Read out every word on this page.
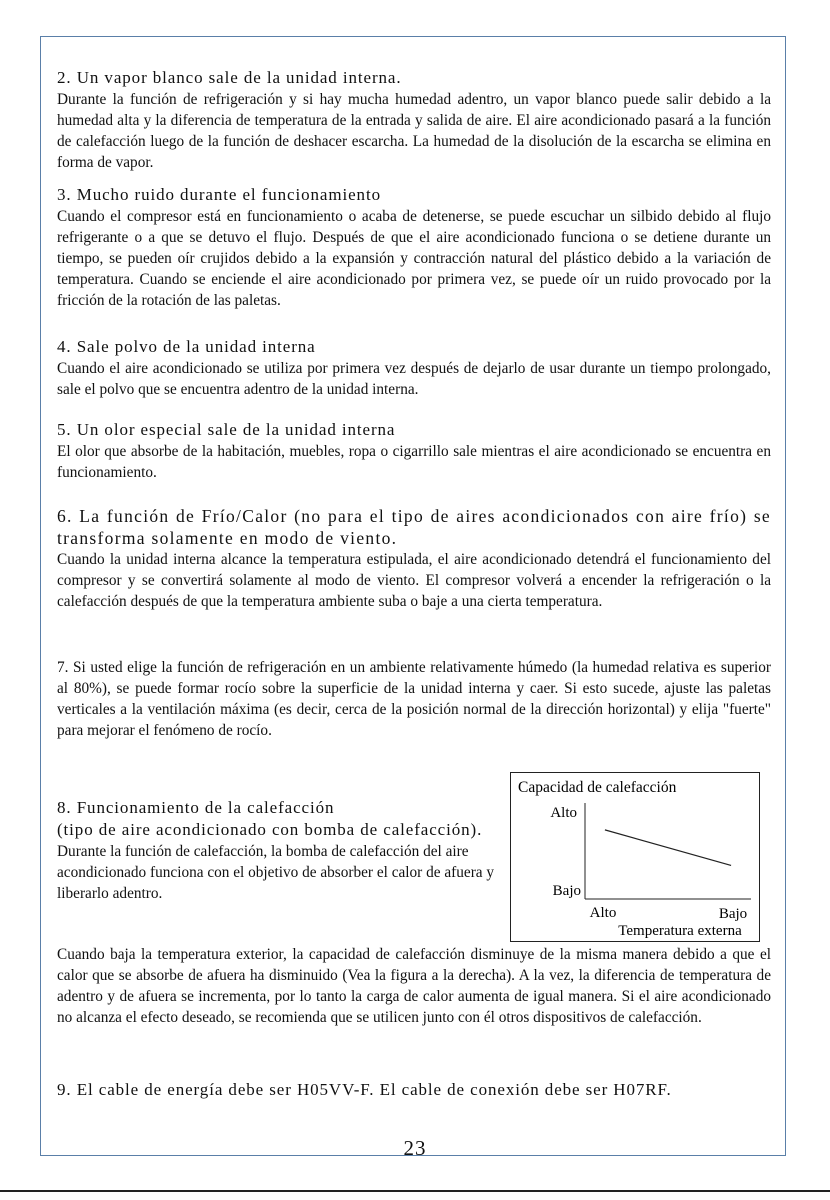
2. Un vapor blanco sale de la unidad interna.

Durante la función de refrigeración y si hay mucha humedad adentro, un vapor blanco puede salir debido a la humedad alta y la diferencia de temperatura de la entrada y salida de aire. El aire acondicionado pasará a la función de calefacción luego de la función de deshacer escarcha. La humedad de la disolución de la escarcha se elimina en forma de vapor.

3. Mucho ruido durante el funcionamiento

Cuando el compresor está en funcionamiento o acaba de detenerse, se puede escuchar un silbido debido al flujo refrigerante o a que se detuvo el flujo. Después de que el aire acondicionado funciona o se detiene durante un tiempo, se pueden oír crujidos debido a la expansión y contracción natural del plástico debido a la variación de temperatura. Cuando se enciende el aire acondicionado por primera vez, se puede oír un ruido provocado por la fricción de la rotación de las paletas.

4. Sale polvo de la unidad interna

Cuando el aire acondicionado se utiliza por primera vez después de dejarlo de usar durante un tiempo prolongado, sale el polvo que se encuentra adentro de la unidad interna.

5. Un olor especial sale de la unidad interna

El olor que absorbe de la habitación, muebles, ropa o cigarrillo sale mientras el aire acondicionado se encuentra en funcionamiento.

6. La función de Frío/Calor (no para el tipo de aires acondicionados con aire frío) se transforma solamente en modo de viento.

Cuando la unidad interna alcance la temperatura estipulada, el aire acondicionado detendrá el funcionamiento del compresor y se convertirá solamente al modo de viento. El compresor volverá a encender la refrigeración o la calefacción después de que la temperatura ambiente suba o baje a una cierta temperatura.

7. Si usted elige la función de refrigeración en un ambiente relativamente húmedo (la humedad relativa es superior al 80%), se puede formar rocío sobre la superficie de la unidad interna y caer. Si esto sucede, ajuste las paletas verticales a la ventilación máxima (es decir, cerca de la posición normal de la dirección horizontal) y elija "fuerte" para mejorar el fenómeno de rocío.

8. Funcionamiento de la calefacción

(tipo de aire acondicionado con bomba de calefacción).

Durante la función de calefacción, la bomba de calefacción del aire acondicionado funciona con el objetivo de absorber el calor de afuera y liberarlo adentro.

Capacidad de calefacción
Alto
Bajo
Alto	Bajo
Temperatura externa

Cuando baja la temperatura exterior, la capacidad de calefacción disminuye de la misma manera debido a que el calor que se absorbe de afuera ha disminuido (Vea la figura a la derecha). A la vez, la diferencia de temperatura de adentro y de afuera se incrementa, por lo tanto la carga de calor aumenta de igual manera. Si el aire acondicionado no alcanza el efecto deseado, se recomienda que se utilicen junto con él otros dispositivos de calefacción.

9. El cable de energía debe ser H05VV-F. El cable de conexión debe ser H07RF.

23
